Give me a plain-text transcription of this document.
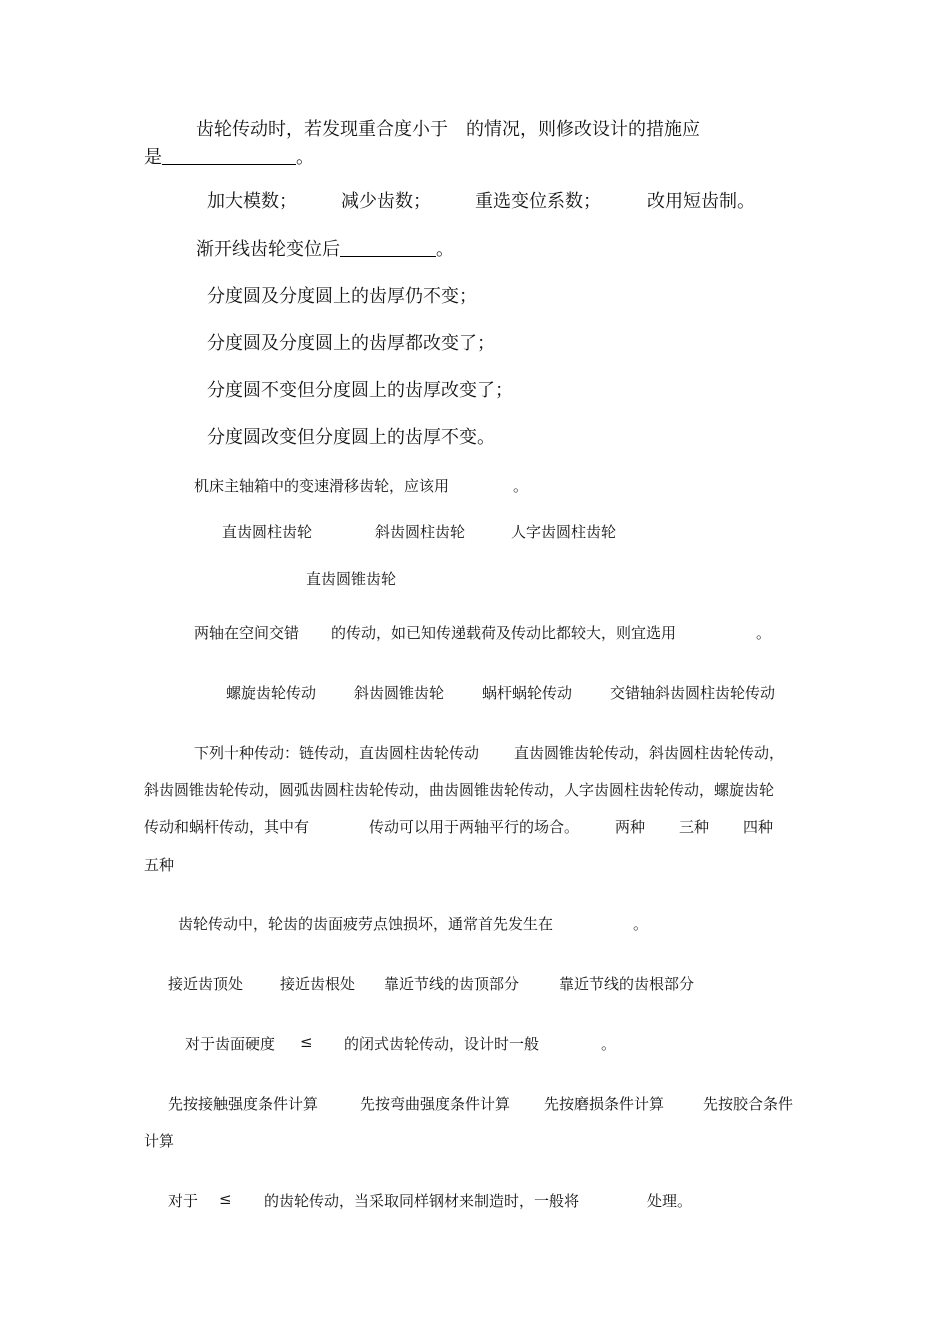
齿轮传动时，若发现重合度小于　的情况，则修改设计的措施应
是	。
加大模数； 减少齿数； 重选变位系数；	改用短齿制。
渐开线齿轮变位后	。
分度圆及分度圆上的齿厚仍不变；
分度圆及分度圆上的齿厚都改变了；
分度圆不变但分度圆上的齿厚改变了；
分度圆改变但分度圆上的齿厚不变。
机床主轴箱中的变速滑移齿轮，应该用	。
直齿圆柱齿轮	斜齿圆柱齿轮	人字齿圆柱齿轮
直齿圆锥齿轮
两轴在空间交错 的传动，如已知传递载荷及传动比都较大，则宜选用	。
螺旋齿轮传动	斜齿圆锥齿轮	蜗杆蜗轮传动	交错轴斜齿圆柱齿轮传动
下列十种传动：链传动，直齿圆柱齿轮传动 直齿圆锥齿轮传动，斜齿圆柱齿轮传动，
斜齿圆锥齿轮传动，圆弧齿圆柱齿轮传动，曲齿圆锥齿轮传动，人字齿圆柱齿轮传动，螺旋齿轮
传动和蜗杆传动，其中有	传动可以用于两轴平行的场合。 两种 三种 四种
五种
齿轮传动中，轮齿的齿面疲劳点蚀损坏，通常首先发生在	。
接近齿顶处 接近齿根处 靠近节线的齿顶部分	靠近节线的齿根部分
对于齿面硬度 ≤ 的闭式齿轮传动，设计时一般	。
先按接触强度条件计算	先按弯曲强度条件计算 先按磨损条件计算	先按胶合条件
计算
对于 ≤ 的齿轮传动，当采取同样钢材来制造时，一般将	处理。
